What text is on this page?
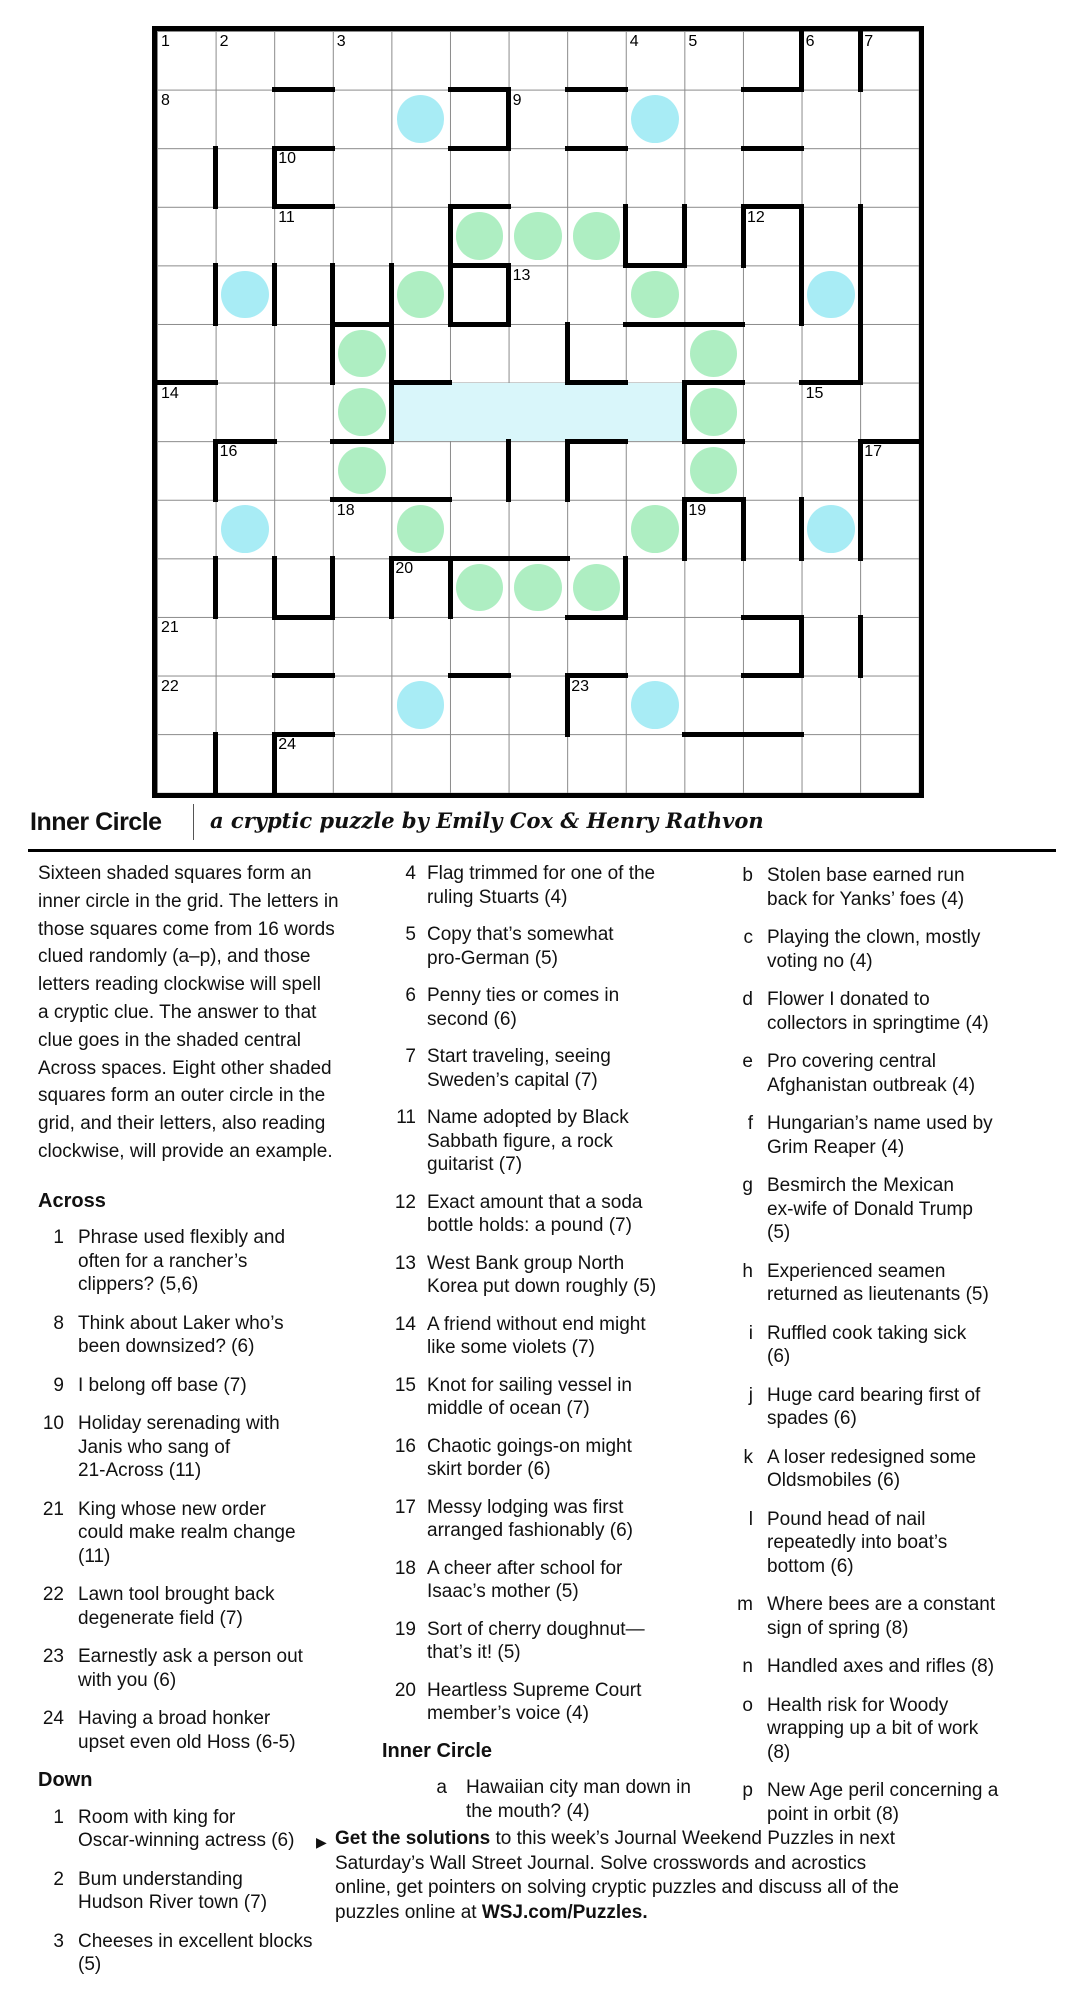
1	2	3	4	5	6	7
8	9
10
11	12
13
14	15
16	17
18	19
20
21
22	23
24
Inner Circle a cryptic puzzle by Emily Cox & Henry Rathvon
Sixteen shaded squares form an
inner circle in the grid. The letters in
those squares come from 16 words
clued randomly (a–p), and those
letters reading clockwise will spell
a cryptic clue. The answer to that
clue goes in the shaded central
Across spaces. Eight other shaded
squares form an outer circle in the
grid, and their letters, also reading
clockwise, will provide an example.
Across
1 Phrase used flexibly and
often for a rancher’s
clippers? (5,6)
8 Think about Laker who’s
been downsized? (6)
9 I belong off base (7)
10 Holiday serenading with
Janis who sang of
21-Across (11)
21 King whose new order
could make realm change
(11)
22 Lawn tool brought back
degenerate field (7)
23 Earnestly ask a person out
with you (6)
24 Having a broad honker
upset even old Hoss (6-5)
Down
1 Room with king for
Oscar-winning actress (6)
2 Bum understanding
Hudson River town (7)
3 Cheeses in excellent blocks
(5)
4 Flag trimmed for one of the
ruling Stuarts (4)
5 Copy that’s somewhat
pro-German (5)
6 Penny ties or comes in
second (6)
7 Start traveling, seeing
Sweden’s capital (7)
11 Name adopted by Black
Sabbath figure, a rock
guitarist (7)
12 Exact amount that a soda
bottle holds: a pound (7)
13 West Bank group North
Korea put down roughly (5)
14 A friend without end might
like some violets (7)
15 Knot for sailing vessel in
middle of ocean (7)
16 Chaotic goings-on might
skirt border (6)
17 Messy lodging was first
arranged fashionably (6)
18 A cheer after school for
Isaac’s mother (5)
19 Sort of cherry doughnut—
that’s it! (5)
20 Heartless Supreme Court
member’s voice (4)
Inner Circle
a Hawaiian city man down in
the mouth? (4)
b Stolen base earned run
back for Yanks’ foes (4)
c Playing the clown, mostly
voting no (4)
d Flower I donated to
collectors in springtime (4)
e Pro covering central
Afghanistan outbreak (4)
f Hungarian’s name used by
Grim Reaper (4)
g Besmirch the Mexican
ex-wife of Donald Trump
(5)
h Experienced seamen
returned as lieutenants (5)
i Ruffled cook taking sick
(6)
j Huge card bearing first of
spades (6)
k A loser redesigned some
Oldsmobiles (6)
l Pound head of nail
repeatedly into boat’s
bottom (6)
m Where bees are a constant
sign of spring (8)
n Handled axes and rifles (8)
o Health risk for Woody
wrapping up a bit of work
(8)
p New Age peril concerning a
point in orbit (8)
▶ Get the solutions to this week’s Journal Weekend Puzzles in next
Saturday’s Wall Street Journal. Solve crosswords and acrostics
online, get pointers on solving cryptic puzzles and discuss all of the
puzzles online at WSJ.com/Puzzles.
